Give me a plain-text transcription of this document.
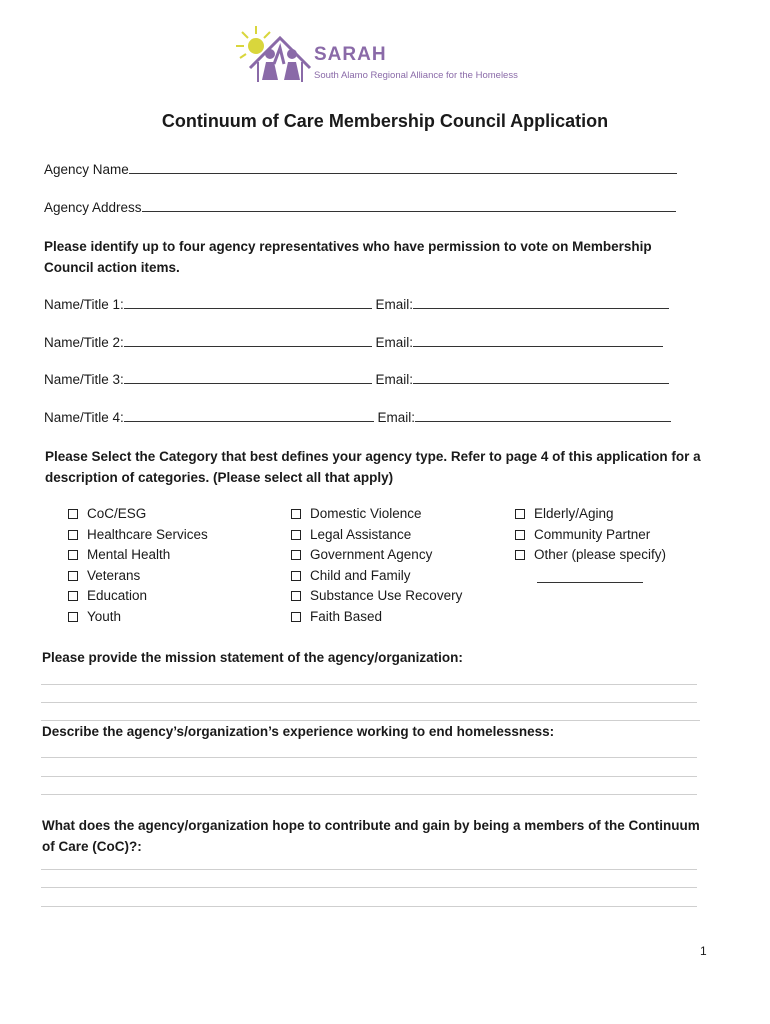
SARAH
South Alamo Regional Alliance for the Homeless
Continuum of Care Membership Council Application
Agency Name
Agency Address
Please identify up to four agency representatives who have permission to vote on Membership Council action items.
Name/Title 1:	Email:
Name/Title 2:	Email:
Name/Title 3:	Email:
Name/Title 4:	Email:
Please Select the Category that best defines your agency type. Refer to page 4 of this application for a description of categories. (Please select all that apply)
CoC/ESG
Healthcare Services
Mental Health
Veterans
Education
Youth
Domestic Violence
Legal Assistance
Government Agency
Child and Family
Substance Use Recovery
Faith Based
Elderly/Aging
Community Partner
Other (please specify)
Please provide the mission statement of the agency/organization:
Describe the agency’s/organization’s experience working to end homelessness:
What does the agency/organization hope to contribute and gain by being a members of the Continuum of Care (CoC)?:
1
